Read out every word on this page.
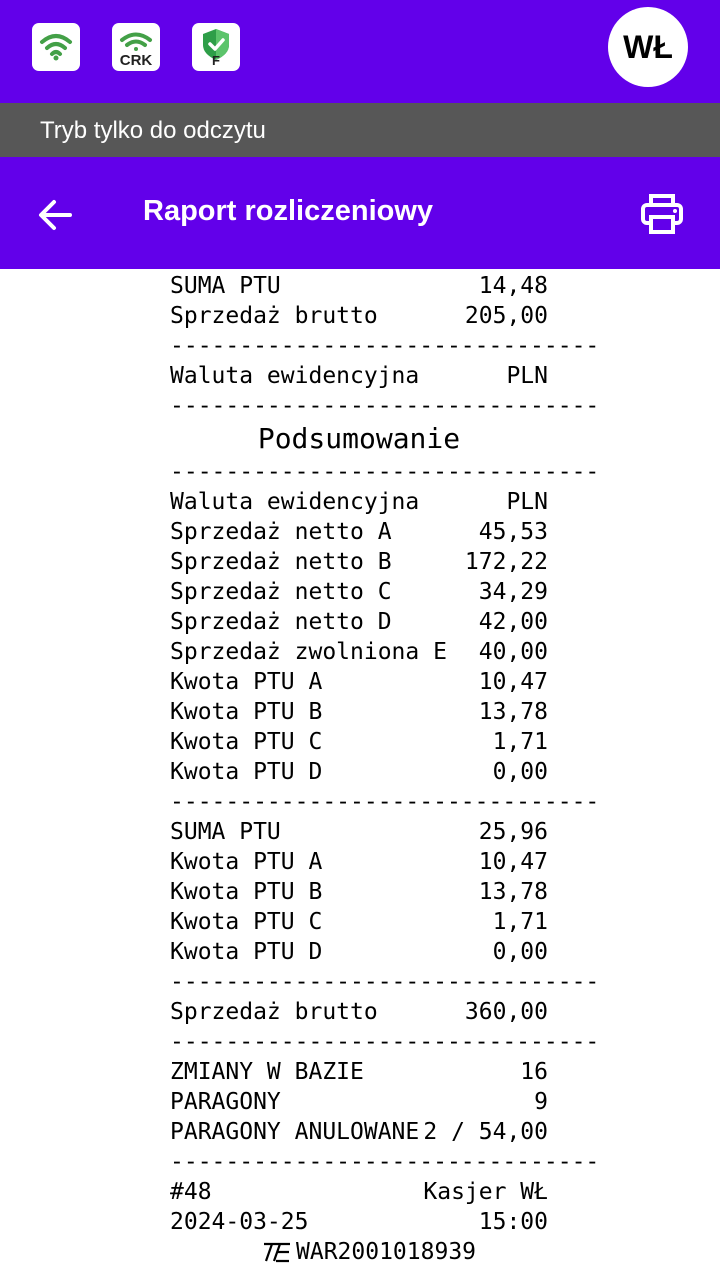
CRK	F	WŁ
Tryb tylko do odczytu
Raport rozliczeniowy
SUMA PTU	14,48
Sprzedaż brutto	205,00
-------------------------------
Waluta ewidencyjna	PLN
-------------------------------
Podsumowanie
-------------------------------
Waluta ewidencyjna	PLN
Sprzedaż netto A	45,53
Sprzedaż netto B	172,22
Sprzedaż netto C	34,29
Sprzedaż netto D	42,00
Sprzedaż zwolniona E 40,00
Kwota PTU A	10,47
Kwota PTU B	13,78
Kwota PTU C	1,71
Kwota PTU D	0,00
-------------------------------
SUMA PTU	25,96
Kwota PTU A	10,47
Kwota PTU B	13,78
Kwota PTU C	1,71
Kwota PTU D	0,00
-------------------------------
Sprzedaż brutto	360,00
-------------------------------
ZMIANY W BAZIE	16
PARAGONY	9
PARAGONY ANULOWANE 2 / 54,00
-------------------------------
#48	Kasjer WŁ
2024-03-25	15:00
WAR2001018939
